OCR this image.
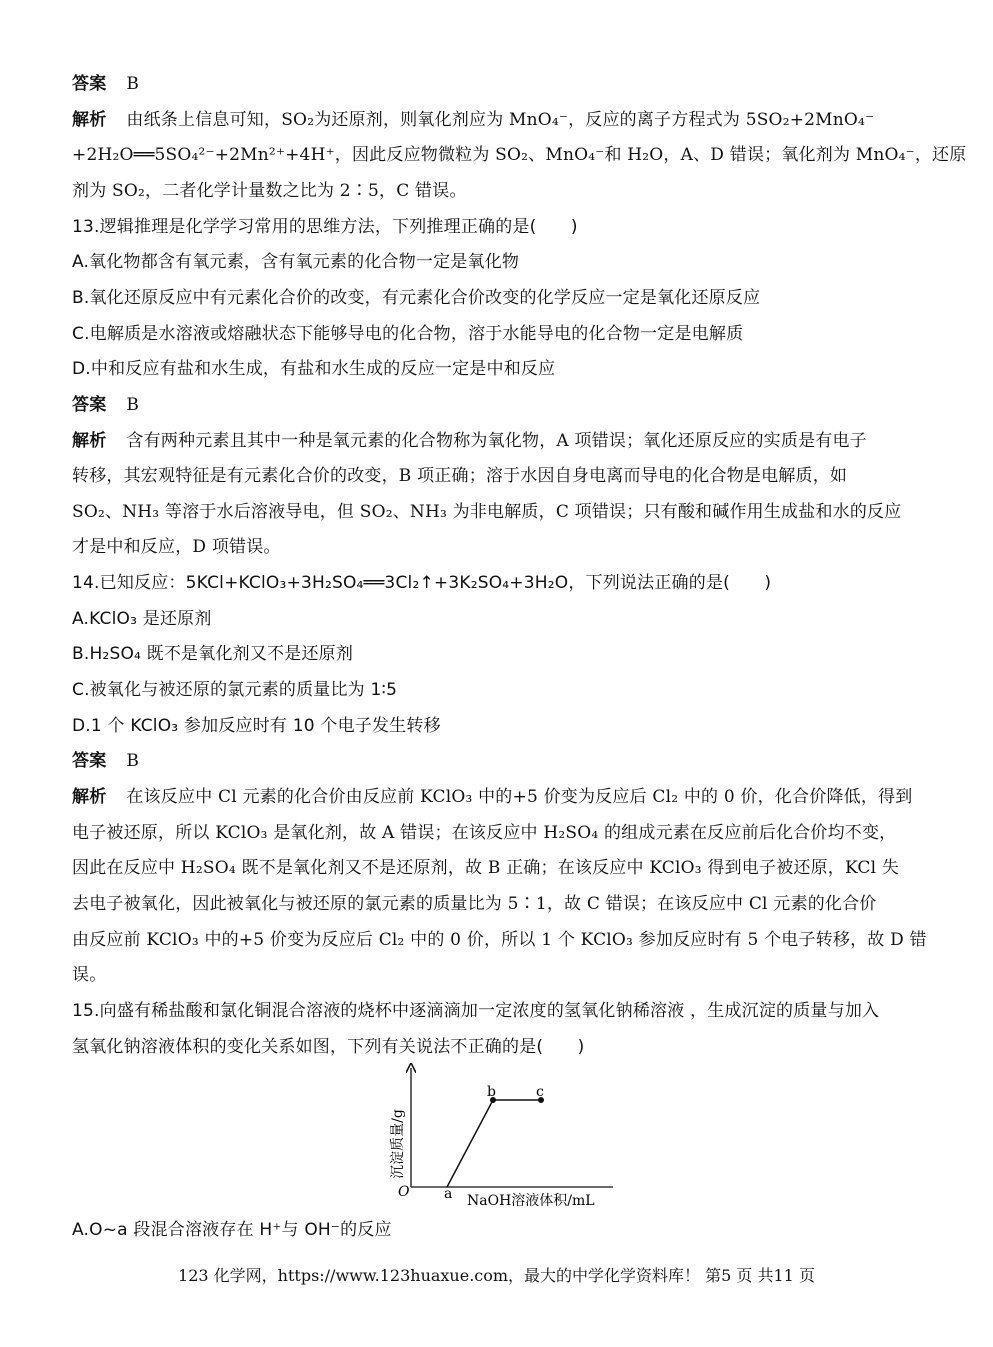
答案 B
解析 由纸条上信息可知，SO₂为还原剂，则氧化剂应为 MnO₄⁻，反应的离子方程式为 5SO₂+2MnO₄⁻
+2H₂O══5SO₄²⁻+2Mn²⁺+4H⁺，因此反应物微粒为 SO₂、MnO₄⁻和 H₂O，A、D 错误；氧化剂为 MnO₄⁻，还原
剂为 SO₂，二者化学计量数之比为 2∶5，C 错误。
13.逻辑推理是化学学习常用的思维方法，下列推理正确的是(　　)
A.氧化物都含有氧元素，含有氧元素的化合物一定是氧化物
B.氧化还原反应中有元素化合价的改变，有元素化合价改变的化学反应一定是氧化还原反应
C.电解质是水溶液或熔融状态下能够导电的化合物，溶于水能导电的化合物一定是电解质
D.中和反应有盐和水生成，有盐和水生成的反应一定是中和反应
答案 B
解析 含有两种元素且其中一种是氧元素的化合物称为氧化物，A 项错误；氧化还原反应的实质是有电子
转移，其宏观特征是有元素化合价的改变，B 项正确；溶于水因自身电离而导电的化合物是电解质，如
SO₂、NH₃ 等溶于水后溶液导电，但 SO₂、NH₃ 为非电解质，C 项错误；只有酸和碱作用生成盐和水的反应
才是中和反应，D 项错误。
14.已知反应：5KCl+KClO₃+3H₂SO₄══3Cl₂↑+3K₂SO₄+3H₂O，下列说法正确的是(　　)
A.KClO₃ 是还原剂
B.H₂SO₄ 既不是氧化剂又不是还原剂
C.被氧化与被还原的氯元素的质量比为 1∶5
D.1 个 KClO₃ 参加反应时有 10 个电子发生转移
答案 B
解析 在该反应中 Cl 元素的化合价由反应前 KClO₃ 中的+5 价变为反应后 Cl₂ 中的 0 价，化合价降低，得到
电子被还原，所以 KClO₃ 是氧化剂，故 A 错误；在该反应中 H₂SO₄ 的组成元素在反应前后化合价均不变，
因此在反应中 H₂SO₄ 既不是氧化剂又不是还原剂，故 B 正确；在该反应中 KClO₃ 得到电子被还原，KCl 失
去电子被氧化，因此被氧化与被还原的氯元素的质量比为 5∶1，故 C 错误；在该反应中 Cl 元素的化合价
由反应前 KClO₃ 中的+5 价变为反应后 Cl₂ 中的 0 价，所以 1 个 KClO₃ 参加反应时有 5 个电子转移，故 D 错
误。
15.向盛有稀盐酸和氯化铜混合溶液的烧杯中逐滴滴加一定浓度的氢氧化钠稀溶液 ，生成沉淀的质量与加入
氢氧化钠溶液体积的变化关系如图，下列有关说法不正确的是(　　)
沉淀质量/g
O a
b	c
NaOH溶液体积/mL
A.O~a 段混合溶液存在 H⁺与 OH⁻的反应
123 化学网，https://www.123huaxue.com，最大的中学化学资料库！ 第5 页 共11 页
